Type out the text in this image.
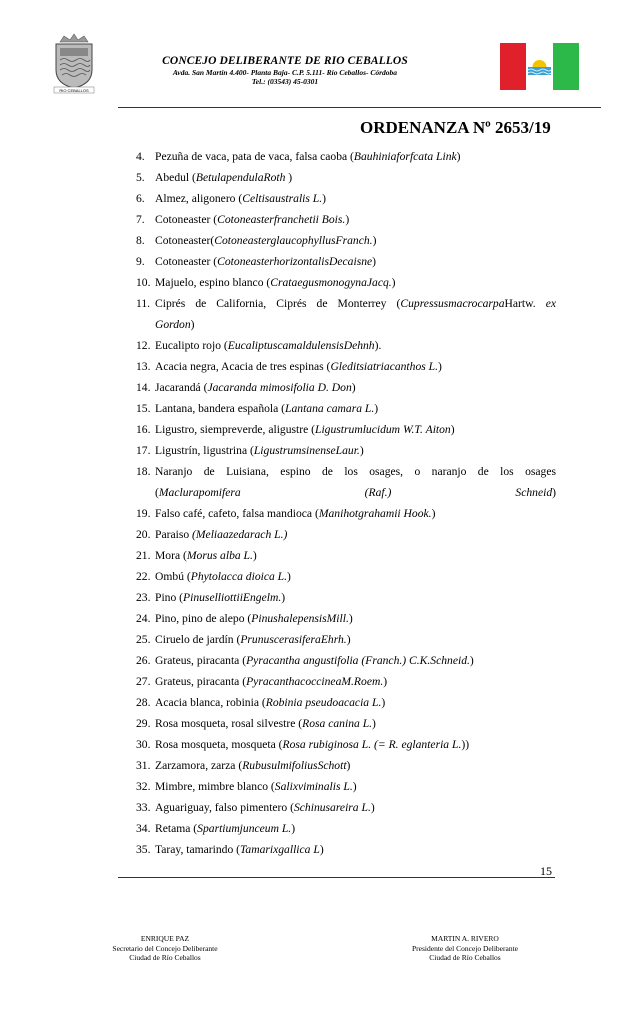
RIO CEBALLOS
CONCEJO DELIBERANTE DE RIO CEBALLOS
Avda. San Martín 4.400- Planta Baja- C.P. 5.111- Río Ceballos- Córdoba
Tel.: (03543) 45-0301
ORDENANZA Nº 2653/19
4. Pezuña de vaca, pata de vaca, falsa caoba (Bauhiniaforfcata Link)
5. Abedul (BetulapendulaRoth )
6. Almez, aligonero (Celtisaustralis L.)
7. Cotoneaster (Cotoneasterfranchetii Bois.)
8. Cotoneaster(CotoneasterglaucophyllusFranch.)
9. Cotoneaster (CotoneasterhorizontalisDecaisne)
10. Majuelo, espino blanco (CrataegusmonogynaJacq.)
11. Ciprés de California, Ciprés de Monterrey (CupressusmacrocarpaHartw. ex
Gordon)
12. Eucalipto rojo (EucaliptuscamaldulensisDehnh).
13. Acacia negra, Acacia de tres espinas (Gleditsiatriacanthos L.)
14. Jacarandá (Jacaranda mimosifolia D. Don)
15. Lantana, bandera española (Lantana camara L.)
16. Ligustro, siempreverde, aligustre (Ligustrumlucidum W.T. Aiton)
17. Ligustrín, ligustrina (LigustrumsinenseLaur.)
18. Naranjo de Luisiana, espino de los osages, o naranjo de los osages
(Maclurapomifera (Raf.) Schneid)
19. Falso café, cafeto, falsa mandioca (Manihotgrahamii Hook.)
20. Paraiso (Meliaazedarach L.)
21. Mora (Morus alba L.)
22. Ombú (Phytolacca dioica L.)
23. Pino (PinuselliottiiEngelm.)
24. Pino, pino de alepo (PinushalepensisMill.)
25. Ciruelo de jardín (PrunuscerasiferaEhrh.)
26. Grateus, piracanta (Pyracantha angustifolia (Franch.) C.K.Schneid.)
27. Grateus, piracanta (PyracanthacoccineaM.Roem.)
28. Acacia blanca, robinia (Robinia pseudoacacia L.)
29. Rosa mosqueta, rosal silvestre (Rosa canina L.)
30. Rosa mosqueta, mosqueta (Rosa rubiginosa L. (= R. eglanteria L.))
31. Zarzamora, zarza (RubusulmifoliusSchott)
32. Mimbre, mimbre blanco (Salixviminalis L.)
33. Aguariguay, falso pimentero (Schinusareira L.)
34. Retama (Spartiumjunceum L.)
35. Taray, tamarindo (Tamarixgallica L)
15
ENRIQUE PAZ
Secretario del Concejo Deliberante
Ciudad de Río Ceballos
MARTIN A. RIVERO
Presidente del Concejo Deliberante
Ciudad de Río Ceballos
